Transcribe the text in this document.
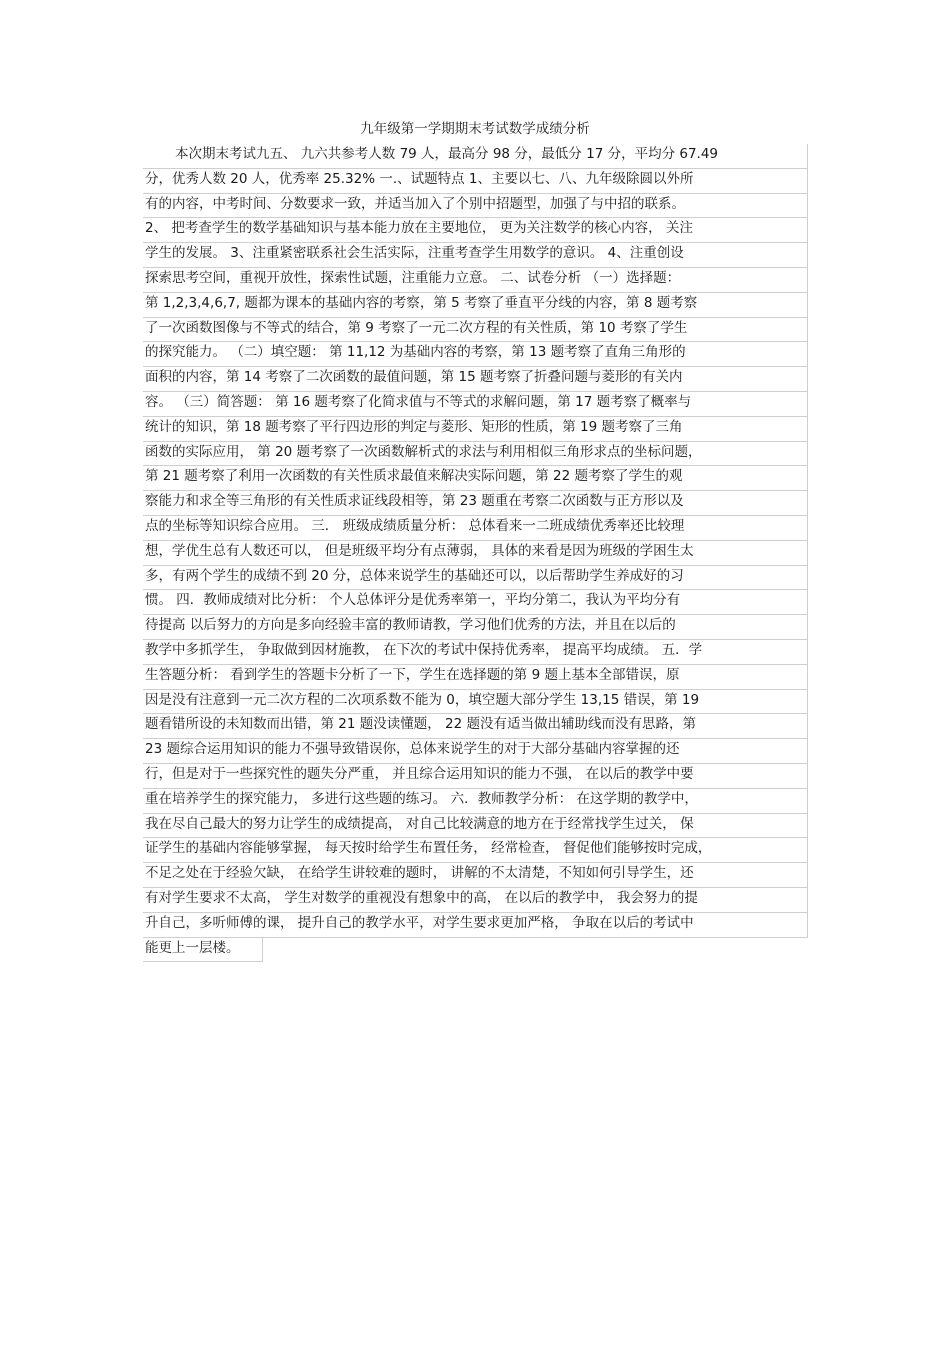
九年级第一学期期末考试数学成绩分析
本次期末考试九五、 九六共参考人数 79 人，最高分 98 分，最低分 17 分，平均分 67.49
分，优秀人数 20 人，优秀率 25.32% 一.、试题特点 1、主要以七、八、九年级除圆以外所
有的内容，中考时间、分数要求一致，并适当加入了个别中招题型，加强了与中招的联系。
2、 把考查学生的数学基础知识与基本能力放在主要地位， 更为关注数学的核心内容， 关注
学生的发展。 3、注重紧密联系社会生活实际，注重考查学生用数学的意识。 4、注重创设
探索思考空间，重视开放性，探索性试题，注重能力立意。 二、试卷分析 （一）选择题：
第 1,2,3,4,6,7, 题都为课本的基础内容的考察，第 5 考察了垂直平分线的内容，第 8 题考察
了一次函数图像与不等式的结合，第 9 考察了一元二次方程的有关性质，第 10 考察了学生
的探究能力。 （二）填空题： 第 11,12 为基础内容的考察，第 13 题考察了直角三角形的
面积的内容，第 14 考察了二次函数的最值问题，第 15 题考察了折叠问题与菱形的有关内
容。 （三）简答题： 第 16 题考察了化简求值与不等式的求解问题，第 17 题考察了概率与
统计的知识，第 18 题考察了平行四边形的判定与菱形、矩形的性质，第 19 题考察了三角
函数的实际应用， 第 20 题考察了一次函数解析式的求法与利用相似三角形求点的坐标问题，
第 21 题考察了利用一次函数的有关性质求最值来解决实际问题，第 22 题考察了学生的观
察能力和求全等三角形的有关性质求证线段相等，第 23 题重在考察二次函数与正方形以及
点的坐标等知识综合应用。 三． 班级成绩质量分析： 总体看来一二班成绩优秀率还比较理
想，学优生总有人数还可以， 但是班级平均分有点薄弱， 具体的来看是因为班级的学困生太
多，有两个学生的成绩不到 20 分，总体来说学生的基础还可以，以后帮助学生养成好的习
惯。 四．教师成绩对比分析： 个人总体评分是优秀率第一，平均分第二，我认为平均分有
待提高 以后努力的方向是多向经验丰富的教师请教，学习他们优秀的方法，并且在以后的
教学中多抓学生， 争取做到因材施教， 在下次的考试中保持优秀率， 提高平均成绩。 五．学
生答题分析： 看到学生的答题卡分析了一下，学生在选择题的第 9 题上基本全部错误，原
因是没有注意到一元二次方程的二次项系数不能为 0，填空题大部分学生 13,15 错误，第 19
题看错所设的未知数而出错，第 21 题没读懂题， 22 题没有适当做出辅助线而没有思路，第
23 题综合运用知识的能力不强导致错误你，总体来说学生的对于大部分基础内容掌握的还
行，但是对于一些探究性的题失分严重， 并且综合运用知识的能力不强， 在以后的教学中要
重在培养学生的探究能力， 多进行这些题的练习。 六．教师教学分析： 在这学期的教学中，
我在尽自己最大的努力让学生的成绩提高， 对自己比较满意的地方在于经常找学生过关， 保
证学生的基础内容能够掌握， 每天按时给学生布置任务， 经常检查， 督促他们能够按时完成，
不足之处在于经验欠缺， 在给学生讲较难的题时， 讲解的不太清楚，不知如何引导学生，还
有对学生要求不太高， 学生对数学的重视没有想象中的高， 在以后的教学中， 我会努力的提
升自己，多听师傅的课， 提升自己的教学水平，对学生要求更加严格， 争取在以后的考试中
能更上一层楼。
